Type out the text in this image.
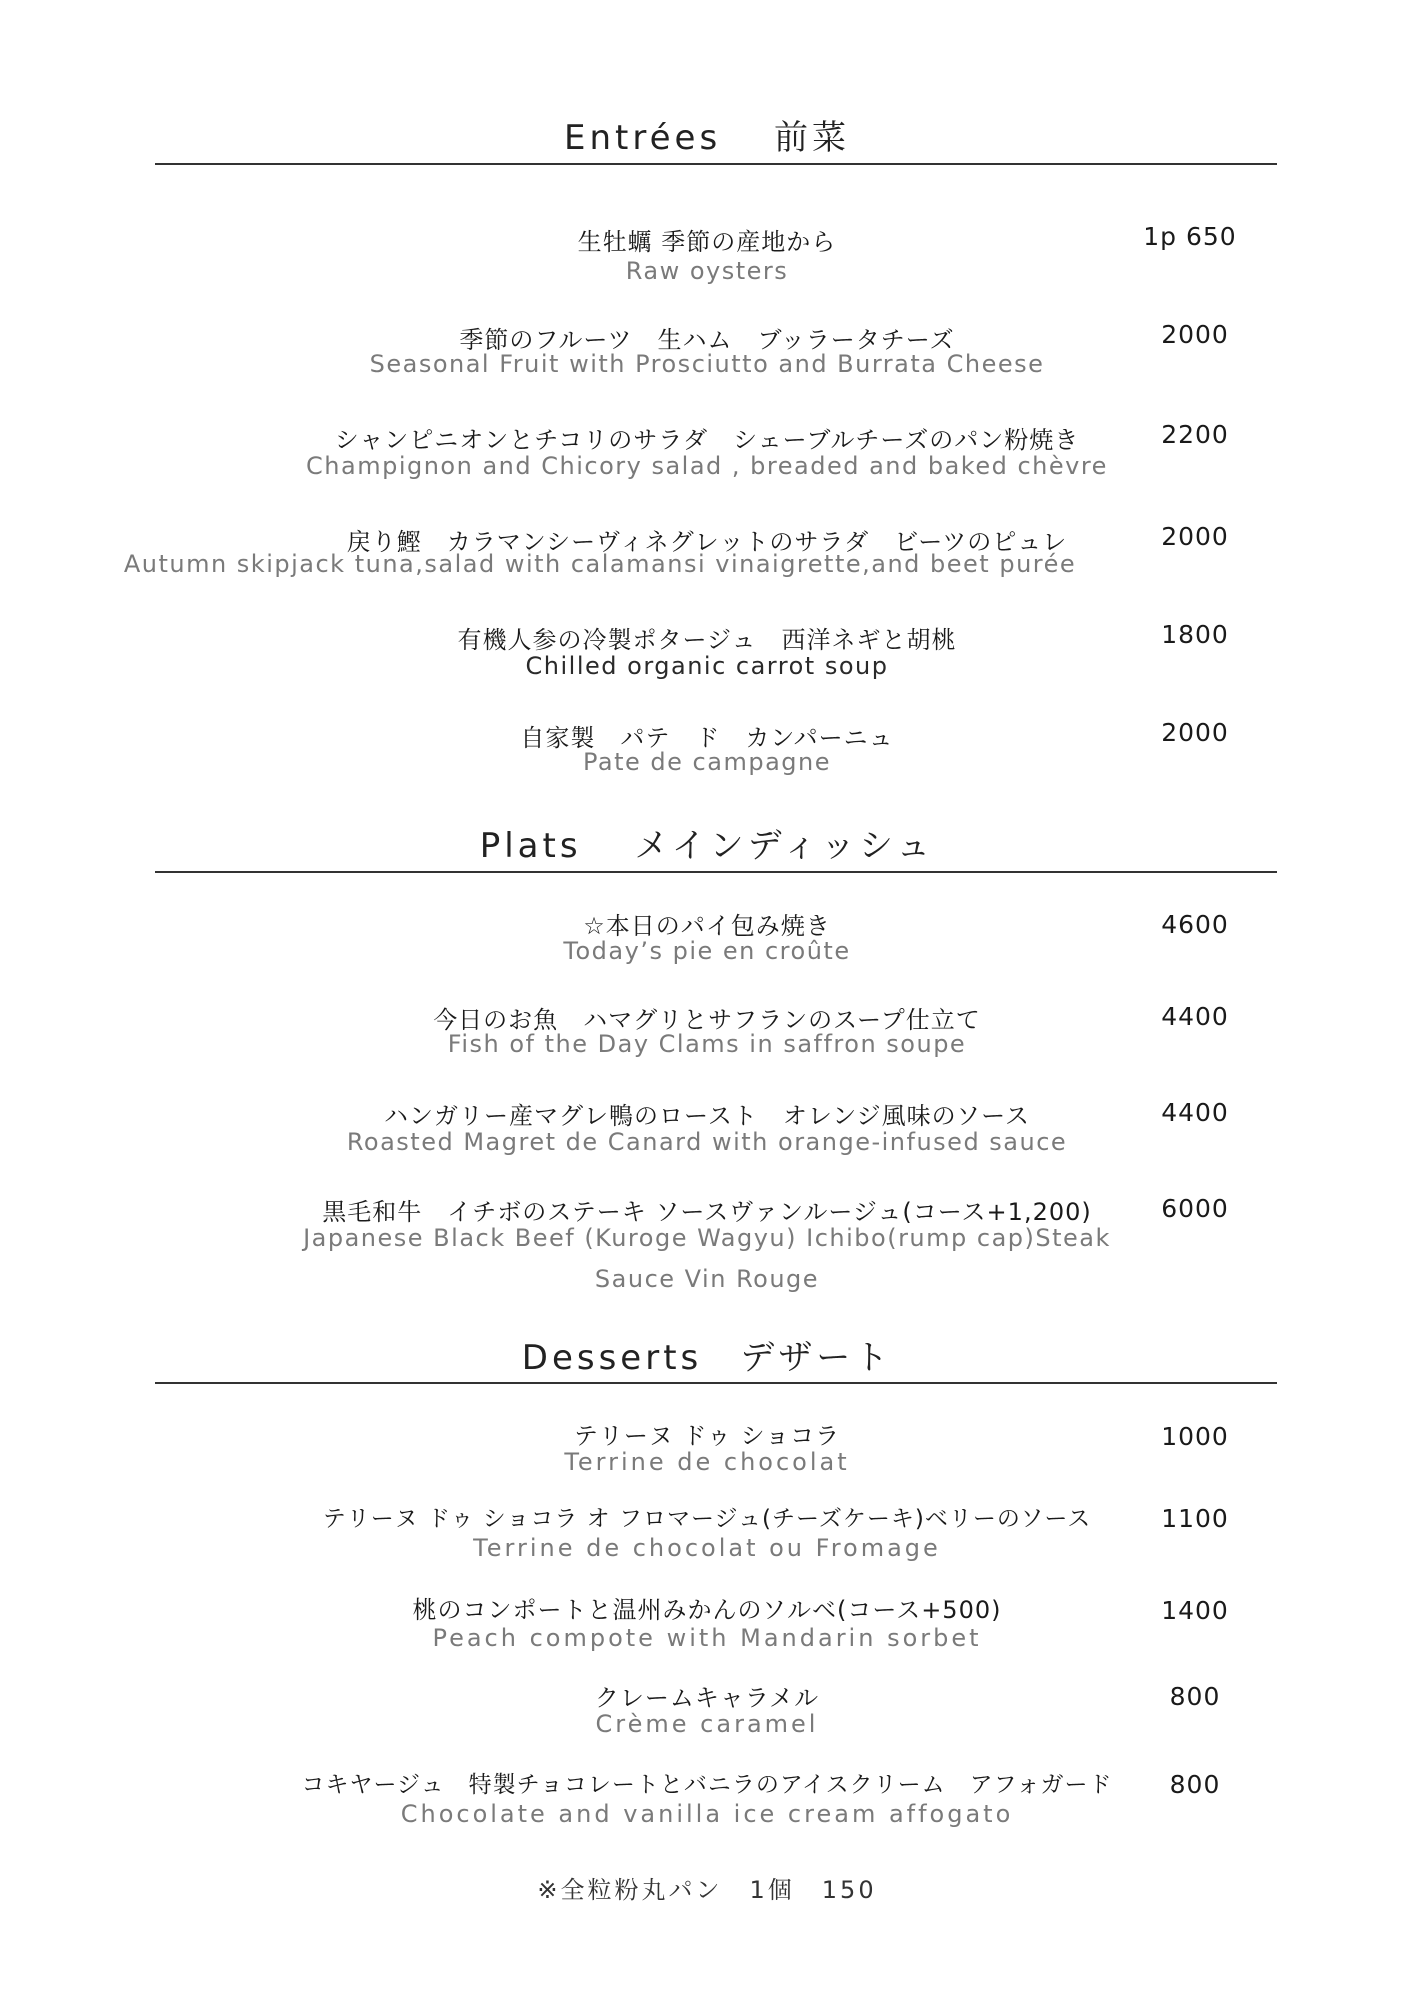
Entrées　 前菜
生牡蠣 季節の産地から
Raw oysters
1p 650
季節のフルーツ　生ハム　ブッラータチーズ
Seasonal Fruit with Prosciutto and Burrata Cheese
2000
シャンピニオンとチコリのサラダ　シェーブルチーズのパン粉焼き
Champignon and Chicory salad , breaded and baked chèvre
2200
戻り鰹　カラマンシーヴィネグレットのサラダ　ビーツのピュレ
Autumn skipjack tuna,salad with calamansi vinaigrette,and beet purée
2000
有機人参の冷製ポタージュ　西洋ネギと胡桃
Chilled organic carrot soup
1800
自家製　パテ　ド　カンパーニュ
Pate de campagne
2000
Plats　 メインディッシュ
☆本日のパイ包み焼き
Today’s pie en croûte
4600
今日のお魚　ハマグリとサフランのスープ仕立て
Fish of the Day Clams in saffron soupe
4400
ハンガリー産マグレ鴨のロースト　オレンジ風味のソース
Roasted Magret de Canard with orange-infused sauce
4400
黒毛和牛　イチボのステーキ ソースヴァンルージュ(コース+1,200)
Japanese Black Beef (Kuroge Wagyu) Ichibo(rump cap)Steak
Sauce Vin Rouge
6000
Desserts　デザート
テリーヌ ドゥ ショコラ
Terrine de chocolat
1000
テリーヌ ドゥ ショコラ オ フロマージュ(チーズケーキ)ベリーのソース
Terrine de chocolat ou Fromage
1100
桃のコンポートと温州みかんのソルベ(コース+500)
Peach compote with Mandarin sorbet
1400
クレームキャラメル
Crème caramel
800
コキヤージュ　特製チョコレートとバニラのアイスクリーム　アフォガード
Chocolate and vanilla ice cream affogato
800
※全粒粉丸パン　1個　150
